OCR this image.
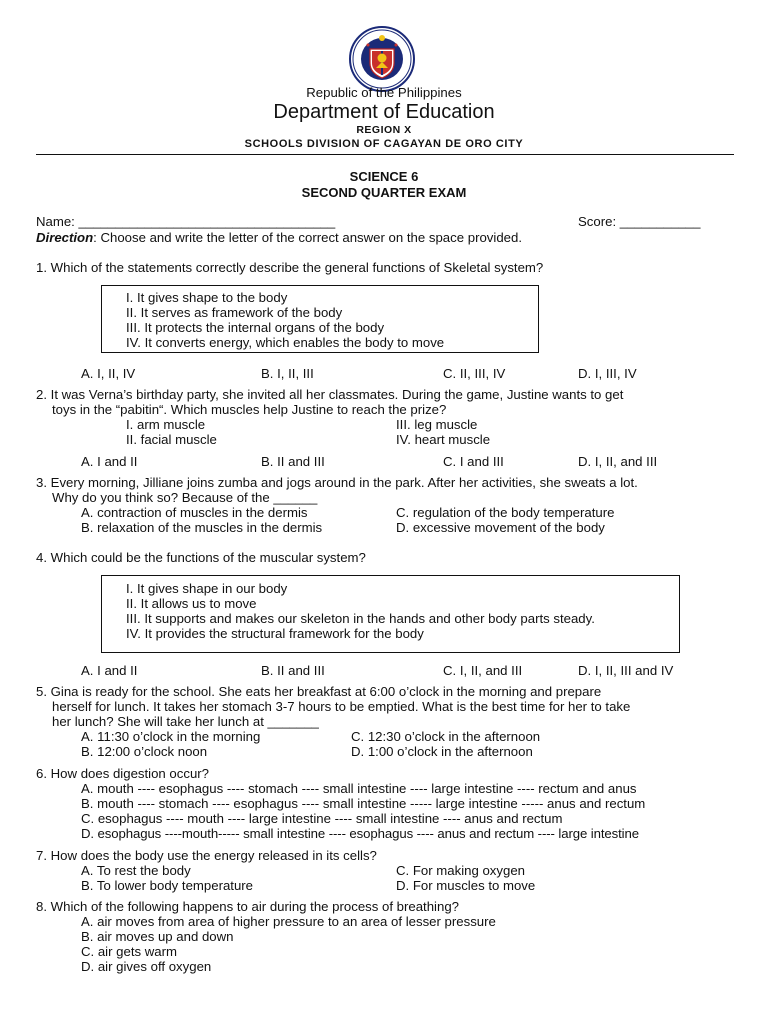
Republic of the Philippines
Department of Education
REGION X
SCHOOLS DIVISION OF CAGAYAN DE ORO CITY
SCIENCE 6
SECOND QUARTER EXAM
Name: ___________________________________	Score: ___________
Direction: Choose and write the letter of the correct answer on the space provided.
1. Which of the statements correctly describe the general functions of Skeletal system?
I. It gives shape to the body
II. It serves as framework of the body
III. It protects the internal organs of the body
IV. It converts energy, which enables the body to move
A. I, II, IV	B. I, II, III	C. II, III, IV	D. I, III, IV
2. It was Verna’s birthday party, she invited all her classmates. During the game, Justine wants to get
toys in the “pabitin“. Which muscles help Justine to reach the prize?
I. arm muscle	III. leg muscle
II. facial muscle	IV. heart muscle
A. I and II	B. II and III	C. I and III	D. I, II, and III
3. Every morning, Jilliane joins zumba and jogs around in the park. After her activities, she sweats a lot.
Why do you think so? Because of the ______
A. contraction of muscles in the dermis	C. regulation of the body temperature
B. relaxation of the muscles in the dermis	D. excessive movement of the body
4. Which could be the functions of the muscular system?
I. It gives shape in our body
II. It allows us to move
III. It supports and makes our skeleton in the hands and other body parts steady.
IV. It provides the structural framework for the body
A. I and II	B. II and III	C. I, II, and III	D. I, II, III and IV
5. Gina is ready for the school. She eats her breakfast at 6:00 o’clock in the morning and prepare
herself for lunch. It takes her stomach 3-7 hours to be emptied. What is the best time for her to take
her lunch? She will take her lunch at _______
A. 11:30 o’clock in the morning	C. 12:30 o’clock in the afternoon
B. 12:00 o’clock noon	D. 1:00 o’clock in the afternoon
6. How does digestion occur?
A. mouth ---- esophagus ---- stomach ---- small intestine ---- large intestine ---- rectum and anus
B. mouth ---- stomach ---- esophagus ---- small intestine ----- large intestine ----- anus and rectum
C. esophagus ---- mouth ---- large intestine ---- small intestine ---- anus and rectum
D. esophagus ----mouth----- small intestine ---- esophagus ---- anus and rectum ---- large intestine
7. How does the body use the energy released in its cells?
A. To rest the body	C. For making oxygen
B. To lower body temperature	D. For muscles to move
8. Which of the following happens to air during the process of breathing?
A. air moves from area of higher pressure to an area of lesser pressure
B. air moves up and down
C. air gets warm
D. air gives off oxygen
